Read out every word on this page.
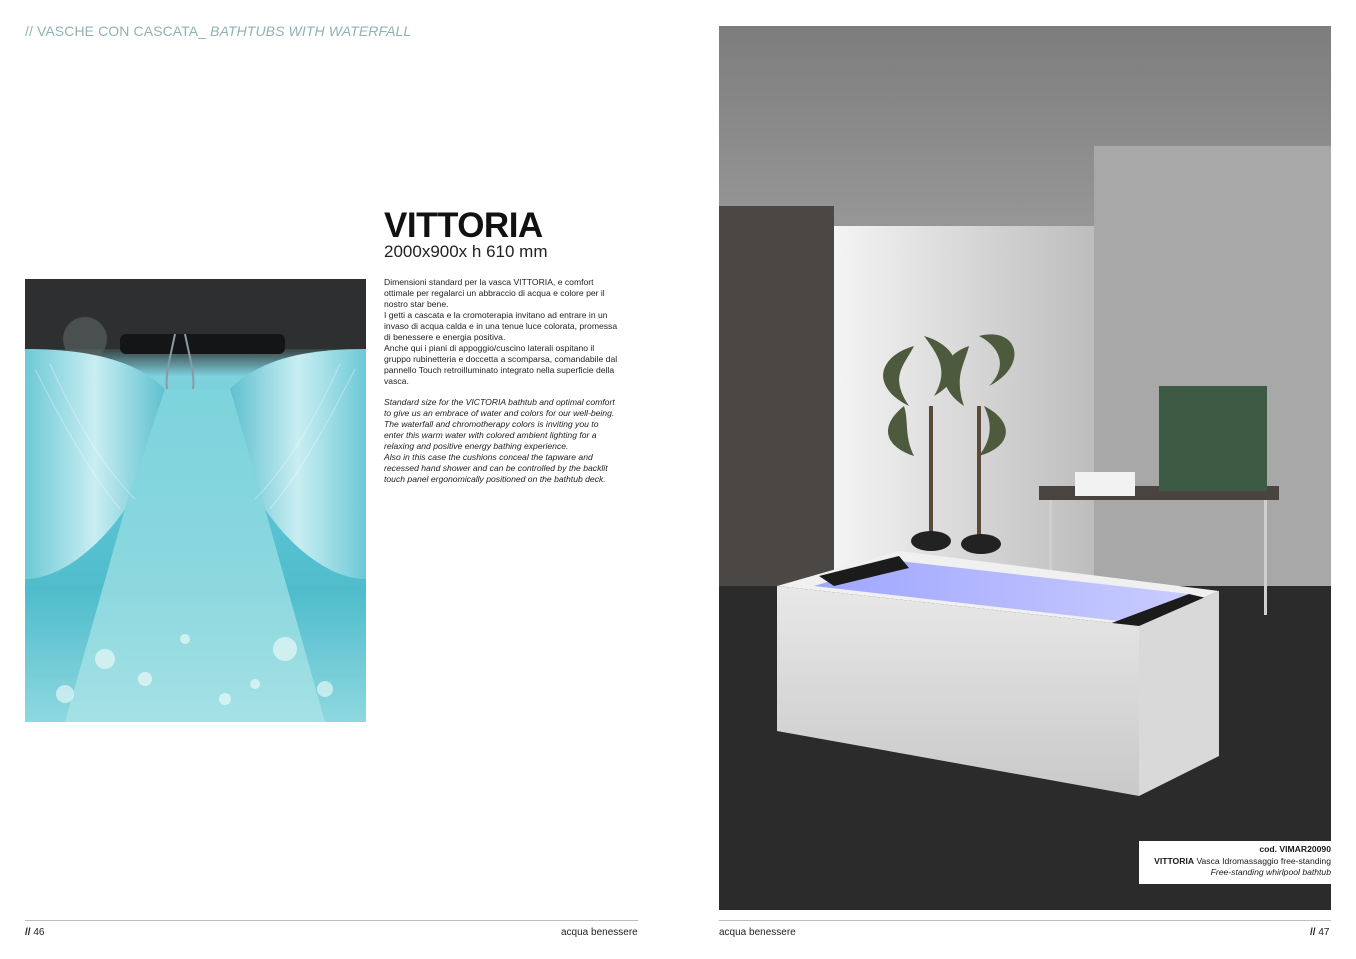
// VASCHE CON CASCATA_ BATHTUBS WITH WATERFALL
VITTORIA
2000x900x h 610 mm

Dimensioni standard per la vasca VITTORIA, e comfort ottimale per regalarci un abbraccio di acqua e colore per il nostro star bene.

I getti a cascata e la cromoterapia invitano ad entrare in un invaso di acqua calda e in una tenue luce colorata, promessa di benessere e energia positiva.

Anche qui i piani di appoggio/cuscino laterali ospitano il gruppo rubinetteria e doccetta a scomparsa, comandabile dal pannello Touch retroilluminato integrato nella superficie della vasca.

Standard size for the VICTORIA bathtub and optimal comfort to give us an embrace of water and colors for our well-being. The waterfall and chromotherapy colors is inviting you to enter this warm water with colored ambient lighting for a relaxing and positive energy bathing experience.

Also in this case the cushions conceal the tapware and recessed hand shower and can be controlled by the backlit touch panel ergonomically positioned on the bathtub deck.

cod. VIMAR20090
VITTORIA Vasca Idromassaggio free-standing
Free-standing whirlpool bathtub
// 46	acqua benessere	acqua benessere	// 47
